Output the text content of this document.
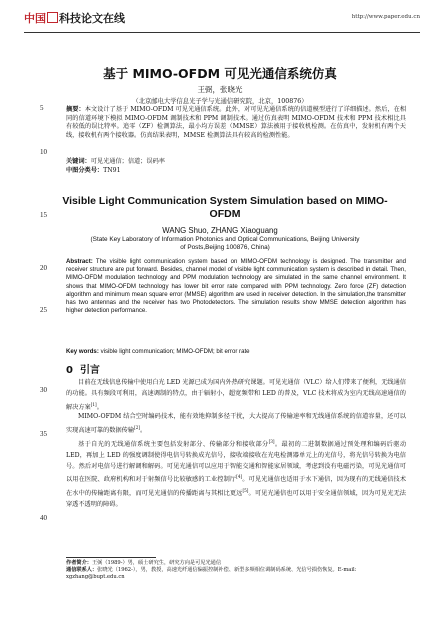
中国 科技论文在线	http://www.paper.edu.cn
基于 MIMO-OFDM 可见光通信系统仿真
王弼，张晓光
（北京邮电大学信息光子学与光通信研究院，北京，100876）
摘要：本文设计了基于 MIMO-OFDM 可见光通信系统。此外，对可见光通信系统的信道模型进行了详细描述。然后，在相同的信道环境下模拟 MIMO-OFDM 调制技术和 PPM 调制技术。通过仿真表明 MIMO-OFDM 技术和 PPM 技术相比具有较低的误比特率。追零（ZF）检测算法，最小均方误差（MMSE）算法被用于接收机检测。在仿真中，发射机有两个天线，接收机有两个接收器。仿真结果表明，MMSE 检测算法具有较高的检测性能。
关键词：可见光通信；信道；误码率
中图分类号：TN91
Visible Light Communication System Simulation based on MIMO-OFDM
WANG Shuo, ZHANG Xiaoguang
(State Key Laboratory of Information Photonics and Optical Communications, Beijing University of Posts,Beijing 100876, China)
Abstract: The visible light communication system based on MIMO-OFDM technology is designed. The transmitter and receiver structure are put forward. Besides, channel model of visible light communication system is described in detail. Then, MIMO-OFDM modulation technology and PPM modulation technology are simulated in the same channel environment. It shows that MIMO-OFDM technology has lower bit error rate compared with PPM technology. Zero force (ZF) detection algorithm and minimum mean square error (MMSE) algorithm are used in receiver detection. In the simulation,the transmitter has two antennas and the receiver has two Photodetectors. The simulation results show MMSE detection algorithm has higher detection performance.
Key words: visible light communication; MIMO-OFDM; bit error rate
0 引言
目前在无线信息传输中使用白光 LED 光源已成为国内外热研究课题。可见光通信（VLC）给人们带来了便利，无线通信的功能。具有频段可利用，高速调制的特点，由于辐射小，超宽频带和 LED 的普及，VLC 技术将成为室内无线高速通信的解决方案[1]。
MIMO-OFDM 结合空时编码技术，能有效地抑制多径干扰，大大提高了传输速率和无线通信系统的信道容量，还可以实现高速可靠的数据传输[2]。
基于自光的无线通信系统主要包括发射部分、传输部分和接收部分[3]。最初的二进制数据通过预处理和编码后驱动 LED，再加上 LED 的强度调制使得电信号转换成光信号，接收端接收在光电检测器单元上的光信号，将光信号转换为电信号。然后对电信号进行解调和解码。可见光通信可以应用于智能交通和智能家居领域，考虑到没有电磁污染，可见光通信可以用在医院、政府机构和对于射频信号比较敏感的工业控制厅[4]。可见光通信也适用于水下通信，因为现有的无线通信技术在水中的传输距离有限，而可见光通信的传播距离与其相比更远[5]。可见光通信也可以用于安全通信领域，因为可见光无法穿透不透明的障碍。
作者简介：王弼（1989-）男，硕士研究生，研究方向是可见光通信
通信联系人：张晓光（1962-），男，教授，高速光纤通信偏振控制补偿、新型多频相位调制码系统、光信号损伤恢复。E-mail: xgzhang@bupt.edu.cn
5
10
15
20
25
30
35
40
